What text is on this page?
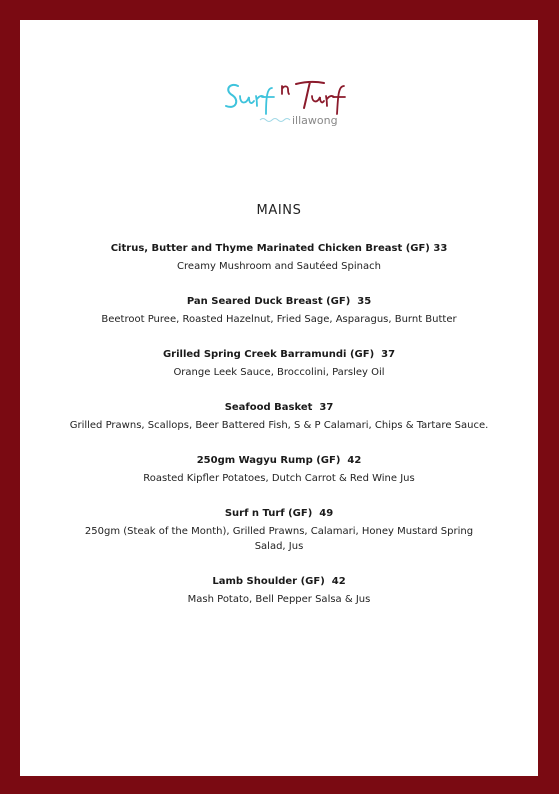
illawong
MAINS
Citrus, Butter and Thyme Marinated Chicken Breast (GF) 33
Creamy Mushroom and Sautéed Spinach
Pan Seared Duck Breast (GF)  35
Beetroot Puree, Roasted Hazelnut, Fried Sage, Asparagus, Burnt Butter
Grilled Spring Creek Barramundi (GF)  37
Orange Leek Sauce, Broccolini, Parsley Oil
Seafood Basket  37
Grilled Prawns, Scallops, Beer Battered Fish, S & P Calamari, Chips & Tartare Sauce.
250gm Wagyu Rump (GF)  42
Roasted Kipfler Potatoes, Dutch Carrot & Red Wine Jus
Surf n Turf (GF)  49
250gm (Steak of the Month), Grilled Prawns, Calamari, Honey Mustard Spring Salad, Jus
Lamb Shoulder (GF)  42
Mash Potato, Bell Pepper Salsa & Jus
